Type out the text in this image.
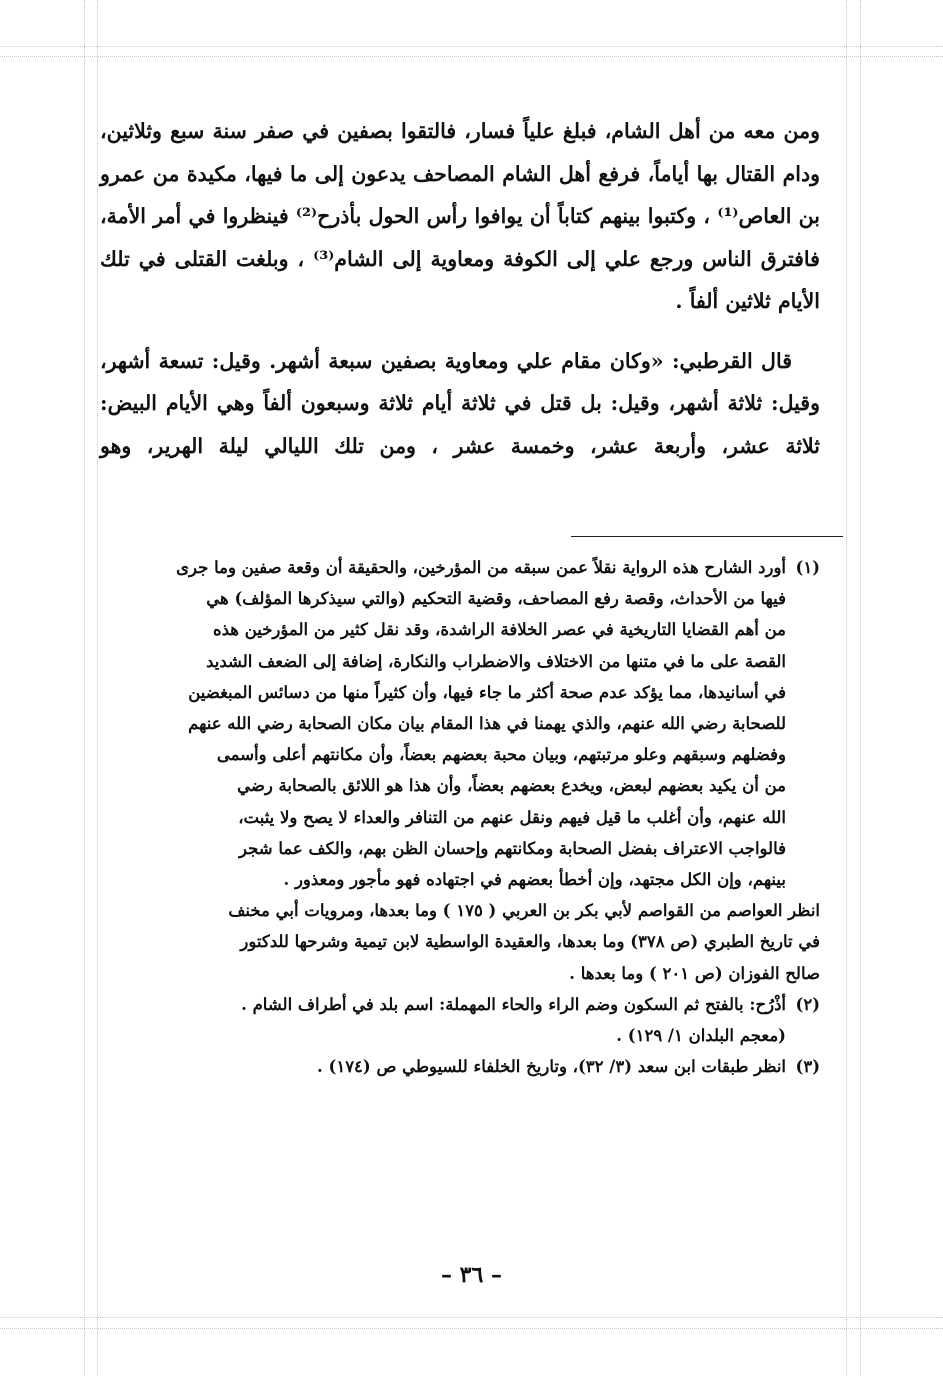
ومن معه من أهل الشام، فبلغ علياً فسار، فالتقوا بصفين في صفر سنة سبع وثلاثين، ودام القتال بها أياماً، فرفع أهل الشام المصاحف يدعون إلى ما فيها، مكيدة من عمرو بن العاص⁽¹⁾ ، وكتبوا بينهم كتاباً أن يوافوا رأس الحول بأذرح⁽²⁾ فينظروا في أمر الأمة، فافترق الناس ورجع علي إلى الكوفة ومعاوية إلى الشام⁽³⁾ ، وبلغت القتلى في تلك الأيام ثلاثين ألفاً .

قال القرطبي: «وكان مقام علي ومعاوية بصفين سبعة أشهر. وقيل: تسعة أشهر، وقيل: ثلاثة أشهر، وقيل: بل قتل في ثلاثة أيام ثلاثة وسبعون ألفاً وهي الأيام البيض: ثلاثة عشر، وأربعة عشر، وخمسة عشر ، ومن تلك الليالي ليلة الهرير، وهو

(١)
أورد الشارح هذه الرواية نقلاً عمن سبقه من المؤرخين، والحقيقة أن وقعة صفين وما جرى
فيها من الأحداث، وقصة رفع المصاحف، وقضية التحكيم (والتي سيذكرها المؤلف) هي
من أهم القضايا التاريخية في عصر الخلافة الراشدة، وقد نقل كثير من المؤرخين هذه
القصة على ما في متنها من الاختلاف والاضطراب والنكارة، إضافة إلى الضعف الشديد
في أسانيدها، مما يؤكد عدم صحة أكثر ما جاء فيها، وأن كثيراً منها من دسائس المبغضين
للصحابة رضي الله عنهم، والذي يهمنا في هذا المقام بيان مكان الصحابة رضي الله عنهم
وفضلهم وسبقهم وعلو مرتبتهم، وبيان محبة بعضهم بعضاً، وأن مكانتهم أعلى وأسمى
من أن يكيد بعضهم لبعض، ويخدع بعضهم بعضاً، وأن هذا هو اللائق بالصحابة رضي
الله عنهم، وأن أغلب ما قيل فيهم ونقل عنهم من التنافر والعداء لا يصح ولا يثبت،
فالواجب الاعتراف بفضل الصحابة ومكانتهم وإحسان الظن بهم، والكف عما شجر
بينهم، وإن الكل مجتهد، وإن أخطأ بعضهم في اجتهاده فهو مأجور ومعذور .
انظر العواصم من القواصم لأبي بكر بن العربي ( ١٧٥ ) وما بعدها، ومرويات أبي مخنف
في تاريخ الطبري (ص ٣٧٨) وما بعدها، والعقيدة الواسطية لابن تيمية وشرحها للدكتور
صالح الفوزان (ص ٢٠١ ) وما بعدها .
(٢)
أذْرُح: بالفتح ثم السكون وضم الراء والحاء المهملة: اسم بلد في أطراف الشام .
(معجم البلدان ١/ ١٢٩) .
(٣)
انظر طبقات ابن سعد (٣/ ٣٢)، وتاريخ الخلفاء للسيوطي ص (١٧٤) .
– ٣٦ –
